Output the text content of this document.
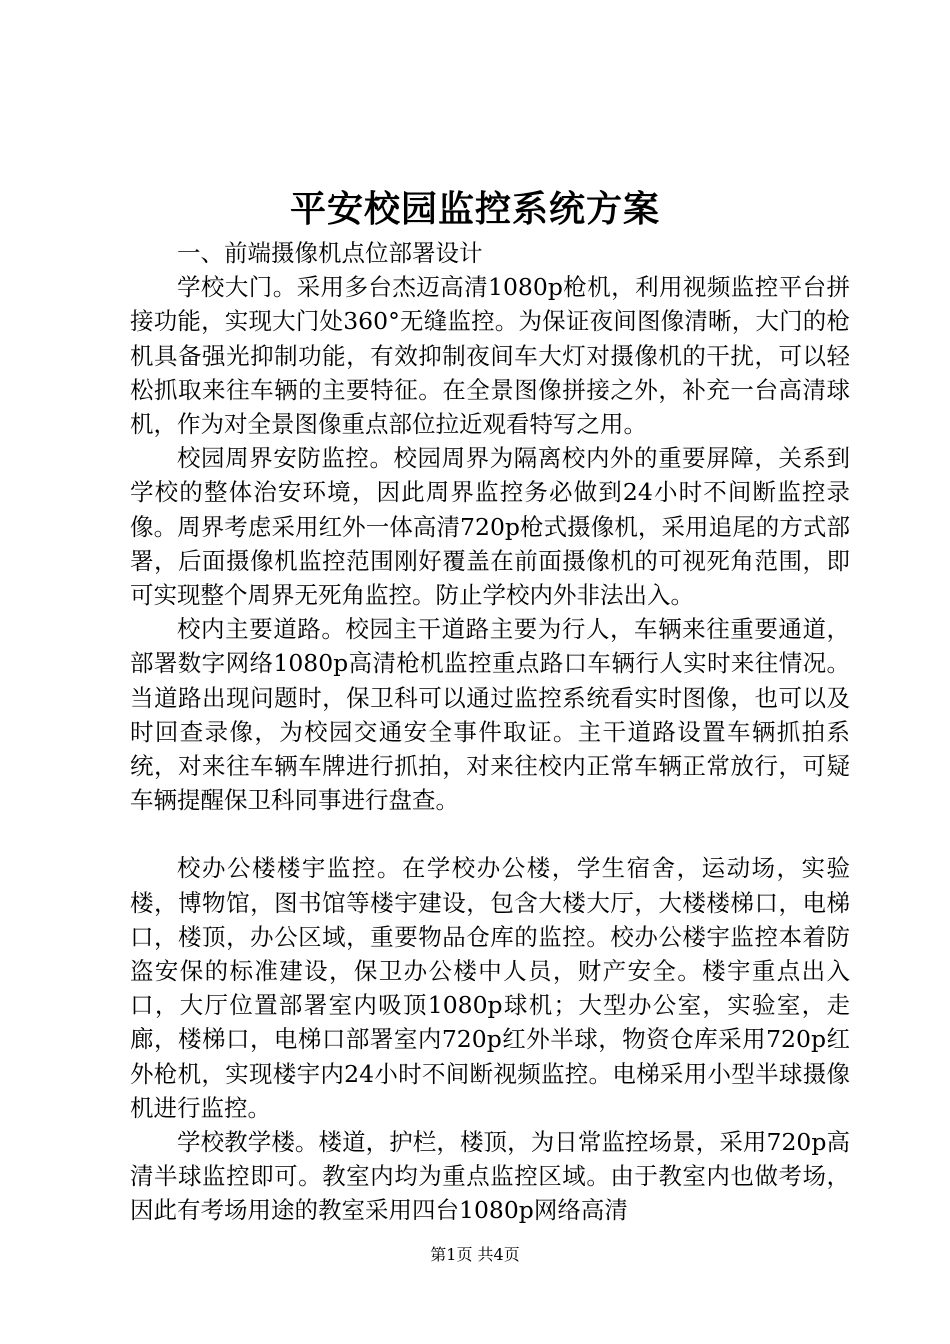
平安校园监控系统方案

一、前端摄像机点位部署设计

学校大门。采用多台杰迈高清1080p枪机，利用视频监控平台拼接功能，实现大门处360°无缝监控。为保证夜间图像清晰，大门的枪机具备强光抑制功能，有效抑制夜间车大灯对摄像机的干扰，可以轻松抓取来往车辆的主要特征。在全景图像拼接之外，补充一台高清球机，作为对全景图像重点部位拉近观看特写之用。

校园周界安防监控。校园周界为隔离校内外的重要屏障，关系到学校的整体治安环境，因此周界监控务必做到24小时不间断监控录像。周界考虑采用红外一体高清720p枪式摄像机，采用追尾的方式部署，后面摄像机监控范围刚好覆盖在前面摄像机的可视死角范围，即可实现整个周界无死角监控。防止学校内外非法出入。

校内主要道路。校园主干道路主要为行人，车辆来往重要通道，部署数字网络1080p高清枪机监控重点路口车辆行人实时来往情况。当道路出现问题时，保卫科可以通过监控系统看实时图像，也可以及时回查录像，为校园交通安全事件取证。主干道路设置车辆抓拍系统，对来往车辆车牌进行抓拍，对来往校内正常车辆正常放行，可疑车辆提醒保卫科同事进行盘查。

校办公楼楼宇监控。在学校办公楼，学生宿舍，运动场，实验楼，博物馆，图书馆等楼宇建设，包含大楼大厅，大楼楼梯口，电梯口，楼顶，办公区域，重要物品仓库的监控。校办公楼宇监控本着防盗安保的标准建设，保卫办公楼中人员，财产安全。楼宇重点出入口，大厅位置部署室内吸顶1080p球机；大型办公室，实验室，走廊，楼梯口，电梯口部署室内720p红外半球，物资仓库采用720p红外枪机，实现楼宇内24小时不间断视频监控。电梯采用小型半球摄像机进行监控。

学校教学楼。楼道，护栏，楼顶，为日常监控场景，采用720p高清半球监控即可。教室内均为重点监控区域。由于教室内也做考场，因此有考场用途的教室采用四台1080p网络高清

第1页 共4页
